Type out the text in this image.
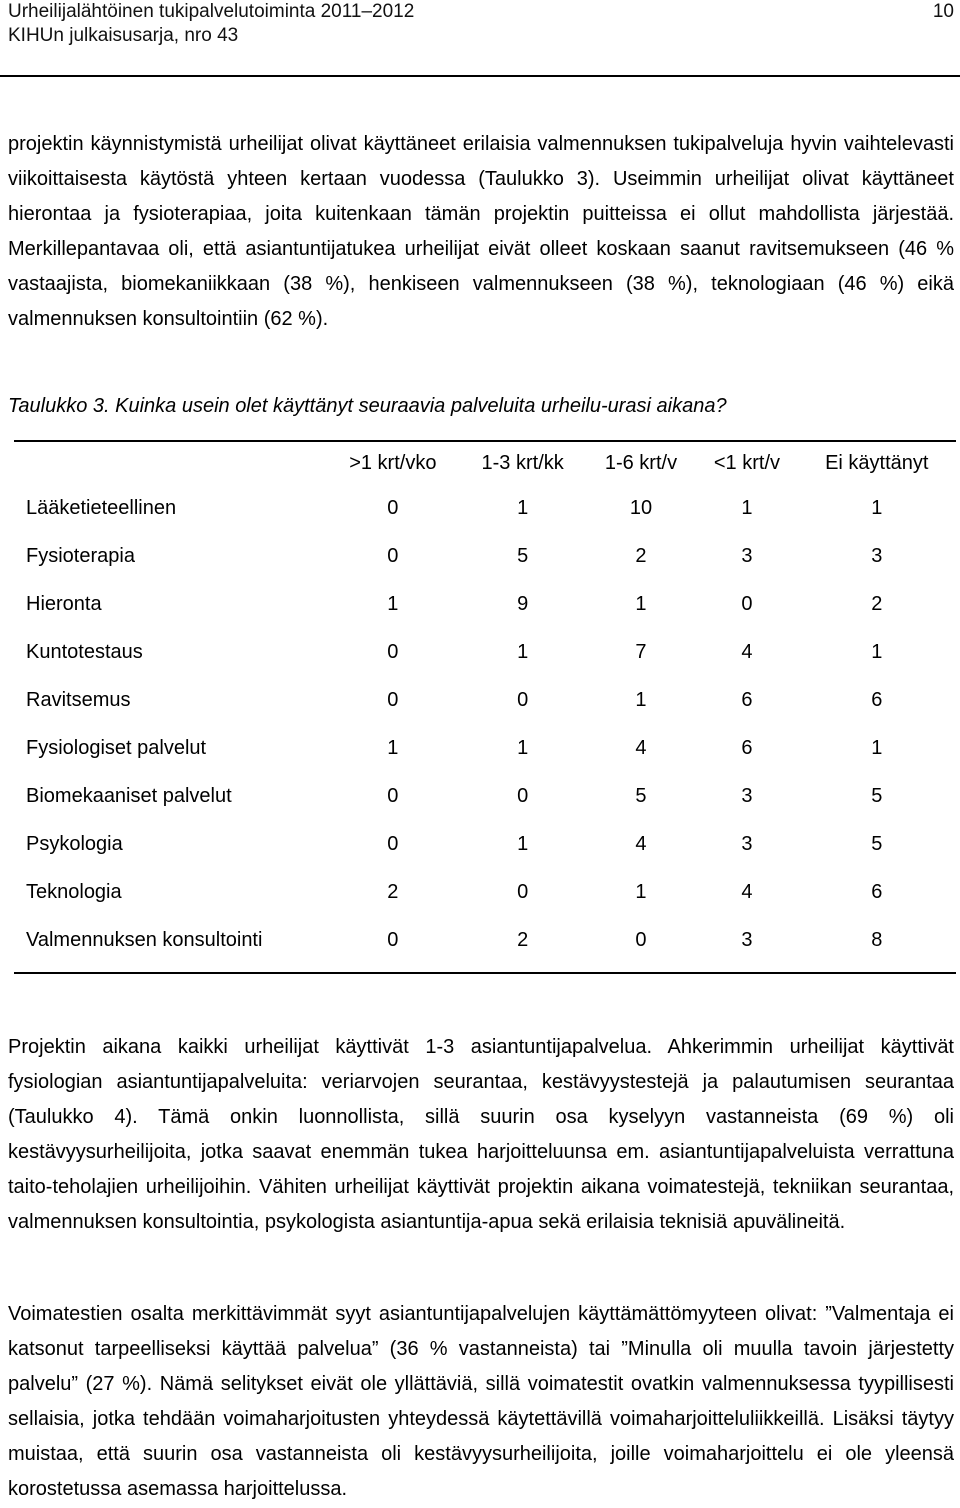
Urheilijalähtöinen tukipalvelutoiminta 2011–2012
KIHUn julkaisusarja, nro 43
10

projektin käynnistymistä urheilijat olivat käyttäneet erilaisia valmennuksen tukipalveluja hyvin vaihtelevasti viikoittaisesta käytöstä yhteen kertaan vuodessa (Taulukko 3). Useimmin urheilijat olivat käyttäneet hierontaa ja fysioterapiaa, joita kuitenkaan tämän projektin puitteissa ei ollut mahdollista järjestää. Merkillepantavaa oli, että asiantuntijatukea urheilijat eivät olleet koskaan saanut ravitsemukseen (46 % vastaajista, biomekaniikkaan (38 %), henkiseen valmennukseen (38 %), teknologiaan (46 %) eikä valmennuksen konsultointiin (62 %).

Taulukko 3. Kuinka usein olet käyttänyt seuraavia palveluita urheilu-urasi aikana?

	>1 krt/vko	1-3 krt/kk	1-6 krt/v	<1 krt/v	Ei käyttänyt
Lääketieteellinen	0	1	10	1	1
Fysioterapia	0	5	2	3	3
Hieronta	1	9	1	0	2
Kuntotestaus	0	1	7	4	1
Ravitsemus	0	0	1	6	6
Fysiologiset palvelut	1	1	4	6	1
Biomekaaniset palvelut	0	0	5	3	5
Psykologia	0	1	4	3	5
Teknologia	2	0	1	4	6
Valmennuksen konsultointi	0	2	0	3	8

Projektin aikana kaikki urheilijat käyttivät 1-3 asiantuntijapalvelua. Ahkerimmin urheilijat käyttivät fysiologian asiantuntijapalveluita: veriarvojen seurantaa, kestävyystestejä ja palautumisen seurantaa (Taulukko 4). Tämä onkin luonnollista, sillä suurin osa kyselyyn vastanneista (69 %) oli kestävyysurheilijoita, jotka saavat enemmän tukea harjoitteluunsa em. asiantuntijapalveluista verrattuna taito-teholajien urheilijoihin. Vähiten urheilijat käyttivät projektin aikana voimatestejä, tekniikan seurantaa, valmennuksen konsultointia, psykologista asiantuntija-apua sekä erilaisia teknisiä apuvälineitä.

Voimatestien osalta merkittävimmät syyt asiantuntijapalvelujen käyttämättömyyteen olivat: ”Valmentaja ei katsonut tarpeelliseksi käyttää palvelua” (36 % vastanneista) tai ”Minulla oli muulla tavoin järjestetty palvelu” (27 %). Nämä selitykset eivät ole yllättäviä, sillä voimatestit ovatkin valmennuksessa tyypillisesti sellaisia, jotka tehdään voimaharjoitusten yhteydessä käytettävillä voimaharjoitteluliikkeillä. Lisäksi täytyy muistaa, että suurin osa vastanneista oli kestävyysurheilijoita, joille voimaharjoittelu ei ole yleensä korostetussa asemassa harjoittelussa.
